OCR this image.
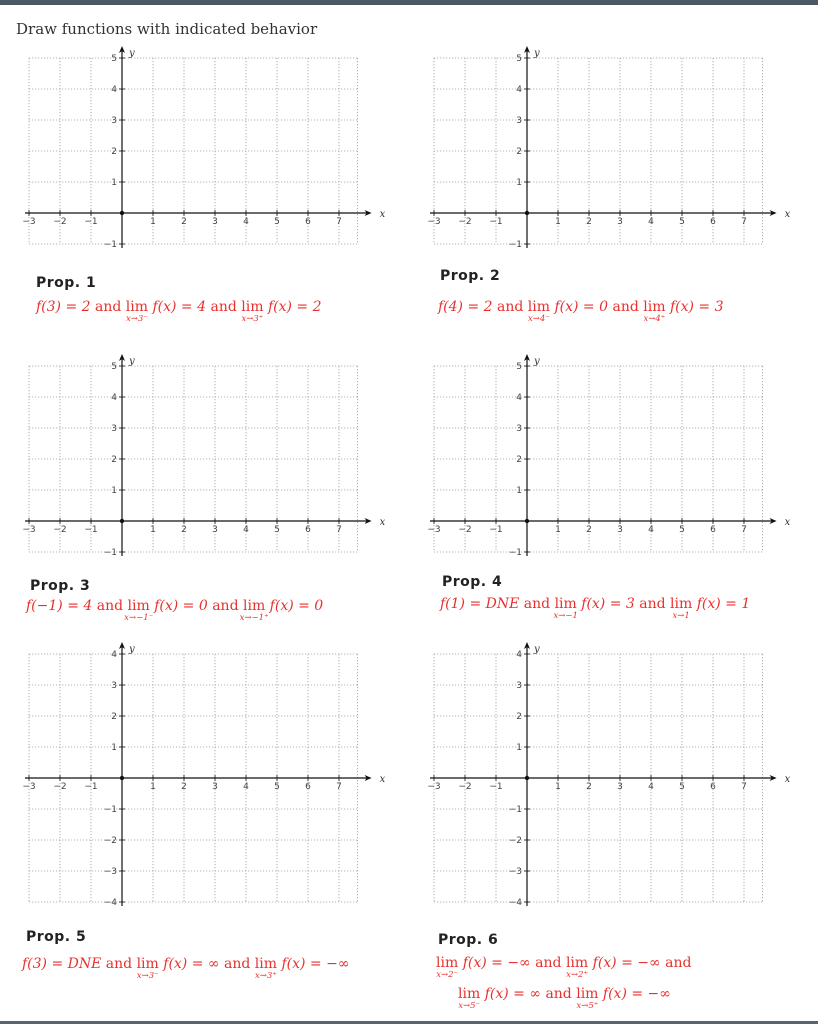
Draw functions with indicated behavior
x
y
−3 −2 −1	1	2	3	4	5	6	7
−1
1
2
3
4
5
x
y
−3 −2 −1	1	2	3	4	5	6	7
−1
1
2
3
4
5
x
y
−3 −2 −1	1	2	3	4	5	6	7
−1
1
2
3
4
5
x
y
−3 −2 −1	1	2	3	4	5	6	7
−1
1
2
3
4
5
x
y
−3 −2 −1	1	2	3	4	5	6	7
−4
−3
−2
−1
1
2
3
4
x
y
−3 −2 −1	1	2	3	4	5	6	7
−4
−3
−2
−1
1
2
3
4
Prop. 1	Prop. 2
Prop. 3	Prop. 4
Prop. 5	Prop. 6
f(3) = 2 and lim
x→3⁻
f(x) = 4 and lim
x→3⁺
f(x) = 2	f(4) = 2 and lim
x→4⁻
f(x) = 0 and lim
x→4⁺
f(x) = 3
f(−1) = 4 and lim
x→−1⁻
f(x) = 0 and lim
x→−1⁺
f(x) = 0	f(1) = DNE and lim
x→−1
f(x) = 3 and lim
x→1
f(x) = 1
f(3) = DNE and lim
x→3⁻
f(x) = ∞ and lim
x→3⁺
f(x) = −∞	lim
x→2⁻
f(x) = −∞ and lim
x→2⁺
f(x) = −∞ and
lim
x→5⁻
f(x) = ∞ and lim
x→5⁺
f(x) = −∞
